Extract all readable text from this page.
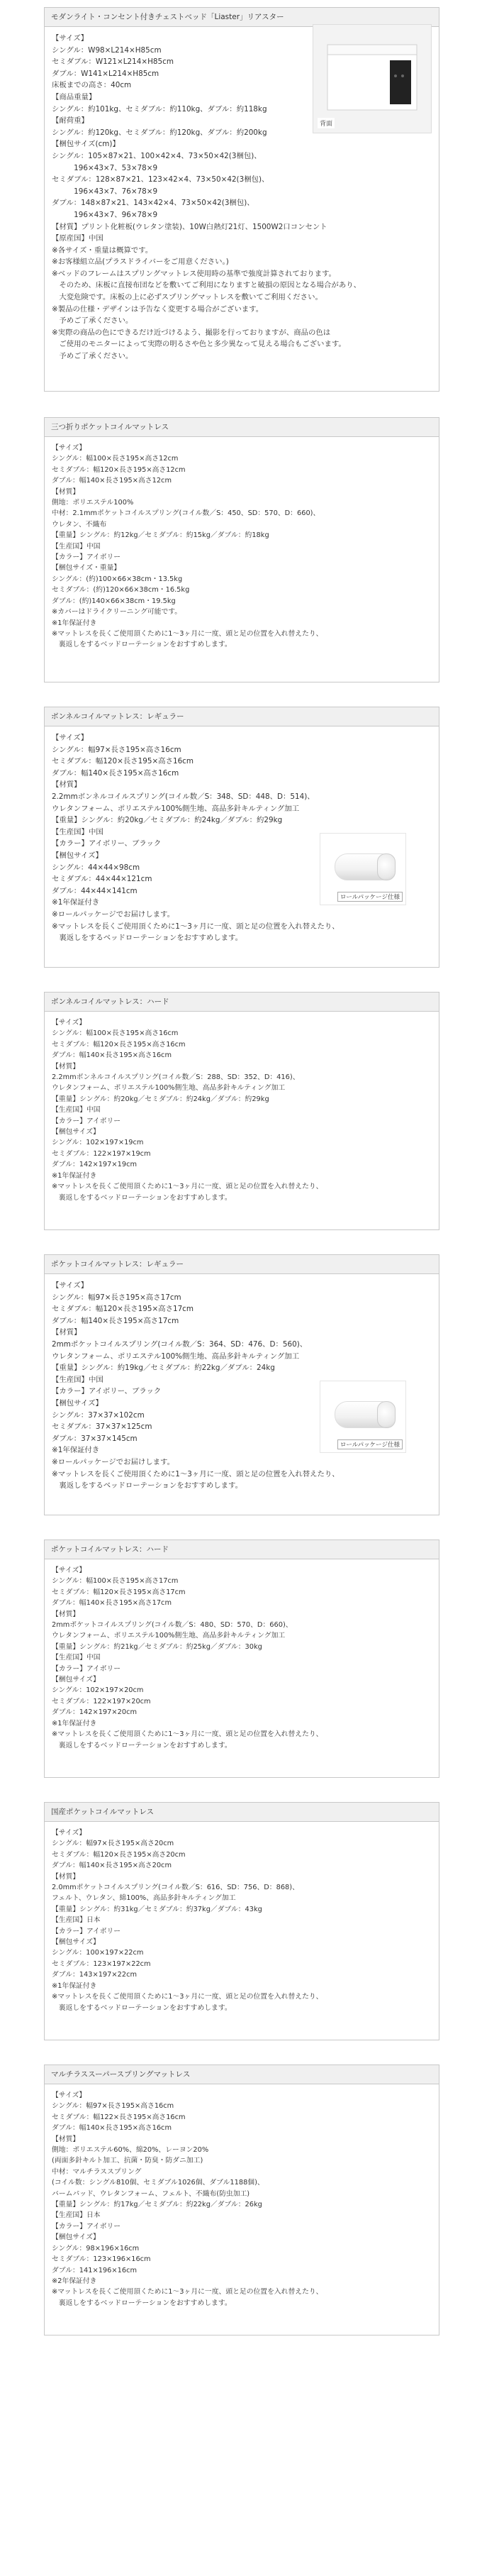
モダンライト・コンセント付きチェストベッド「Liaster」リアスター
【サイズ】
シングル：W98×L214×H85cm
セミダブル：W121×L214×H85cm
ダブル：W141×L214×H85cm
床板までの高さ：40cm
【商品重量】
シングル：約101kg、セミダブル：約110kg、ダブル：約118kg
【耐荷重】
シングル：約120kg、セミダブル：約120kg、ダブル：約200kg
【梱包サイズ(cm)】
シングル：105×87×21、100×42×4、73×50×42(3梱包)、
　　　196×43×7、53×78×9
セミダブル：128×87×21、123×42×4、73×50×42(3梱包)、
　　　196×43×7、76×78×9
ダブル：148×87×21、143×42×4、73×50×42(3梱包)、
　　　196×43×7、96×78×9
【材質】プリント化粧板(ウレタン塗装)、10W白熱灯21灯、1500W2口コンセント
【原産国】中国
※各サイズ・重量は概算です。
※お客様組立品(プラスドライバーをご用意ください。)
※ベッドのフレームはスプリングマットレス使用時の基準で強度計算されております。
　そのため、床板に直接布団などを敷いてご利用になりますと破損の原因となる場合があり、
　大変危険です。床板の上に必ずスプリングマットレスを敷いてご利用ください。
※製品の仕様・デザインは予告なく変更する場合がございます。
　予めご了承ください。
※実際の商品の色にできるだけ近づけるよう、撮影を行っておりますが、商品の色は
　ご使用のモニターによって実際の明るさや色と多少異なって見える場合もございます。
　予めご了承ください。
背面
三つ折りポケットコイルマットレス
【サイズ】
シングル：幅100×長さ195×高さ12cm
セミダブル：幅120×長さ195×高さ12cm
ダブル：幅140×長さ195×高さ12cm
【材質】
側地：ポリエステル100%
中材：2.1mmポケットコイルスプリング(コイル数／S：450、SD：570、D：660)、
ウレタン、不織布
【重量】シングル：約12kg／セミダブル：約15kg／ダブル：約18kg
【生産国】中国
【カラー】アイボリー
【梱包サイズ・重量】
シングル：(約)100×66×38cm・13.5kg
セミダブル：(約)120×66×38cm・16.5kg
ダブル：(約)140×66×38cm・19.5kg
※カバーはドライクリーニング可能です。
※1年保証付き
※マットレスを長くご使用頂くために1～3ヶ月に一度、頭と足の位置を入れ替えたり、
　裏返しをするベッドローテーションをおすすめします。
ボンネルコイルマットレス：レギュラー
【サイズ】
シングル：幅97×長さ195×高さ16cm
セミダブル：幅120×長さ195×高さ16cm
ダブル：幅140×長さ195×高さ16cm
【材質】
2.2mmボンネルコイルスプリング(コイル数／S：348、SD：448、D：514)、
ウレタンフォーム、ポリエステル100%側生地、高品多針キルティング加工
【重量】シングル：約20kg／セミダブル：約24kg／ダブル：約29kg
【生産国】中国
【カラー】アイボリー、ブラック
【梱包サイズ】
シングル：44×44×98cm
セミダブル：44×44×121cm
ダブル：44×44×141cm
※1年保証付き
※ロールパッケージでお届けします。
※マットレスを長くご使用頂くために1～3ヶ月に一度、頭と足の位置を入れ替えたり、
　裏返しをするベッドローテーションをおすすめします。
ロールパッケージ仕様
ボンネルコイルマットレス：ハード
【サイズ】
シングル：幅100×長さ195×高さ16cm
セミダブル：幅120×長さ195×高さ16cm
ダブル：幅140×長さ195×高さ16cm
【材質】
2.2mmボンネルコイルスプリング(コイル数／S：288、SD：352、D：416)、
ウレタンフォーム、ポリエステル100%側生地、高品多針キルティング加工
【重量】シングル：約20kg／セミダブル：約24kg／ダブル：約29kg
【生産国】中国
【カラー】アイボリー
【梱包サイズ】
シングル：102×197×19cm
セミダブル：122×197×19cm
ダブル：142×197×19cm
※1年保証付き
※マットレスを長くご使用頂くために1～3ヶ月に一度、頭と足の位置を入れ替えたり、
　裏返しをするベッドローテーションをおすすめします。
ポケットコイルマットレス：レギュラー
【サイズ】
シングル：幅97×長さ195×高さ17cm
セミダブル：幅120×長さ195×高さ17cm
ダブル：幅140×長さ195×高さ17cm
【材質】
2mmポケットコイルスプリング(コイル数／S：364、SD：476、D：560)、
ウレタンフォーム、ポリエステル100%側生地、高品多針キルティング加工
【重量】シングル：約19kg／セミダブル：約22kg／ダブル：24kg
【生産国】中国
【カラー】アイボリー、ブラック
【梱包サイズ】
シングル：37×37×102cm
セミダブル：37×37×125cm
ダブル：37×37×145cm
※1年保証付き
※ロールパッケージでお届けします。
※マットレスを長くご使用頂くために1～3ヶ月に一度、頭と足の位置を入れ替えたり、
　裏返しをするベッドローテーションをおすすめします。
ロールパッケージ仕様
ポケットコイルマットレス：ハード
【サイズ】
シングル：幅100×長さ195×高さ17cm
セミダブル：幅120×長さ195×高さ17cm
ダブル：幅140×長さ195×高さ17cm
【材質】
2mmポケットコイルスプリング(コイル数／S：480、SD：570、D：660)、
ウレタンフォーム、ポリエステル100%側生地、高品多針キルティング加工
【重量】シングル：約21kg／セミダブル：約25kg／ダブル：30kg
【生産国】中国
【カラー】アイボリー
【梱包サイズ】
シングル：102×197×20cm
セミダブル：122×197×20cm
ダブル：142×197×20cm
※1年保証付き
※マットレスを長くご使用頂くために1～3ヶ月に一度、頭と足の位置を入れ替えたり、
　裏返しをするベッドローテーションをおすすめします。
国産ポケットコイルマットレス
【サイズ】
シングル：幅97×長さ195×高さ20cm
セミダブル：幅120×長さ195×高さ20cm
ダブル：幅140×長さ195×高さ20cm
【材質】
2.0mmポケットコイルスプリング(コイル数／S：616、SD：756、D：868)、
フェルト、ウレタン、綿100%、高品多針キルティング加工
【重量】シングル：約31kg／セミダブル：約37kg／ダブル：43kg
【生産国】日本
【カラー】アイボリー
【梱包サイズ】
シングル：100×197×22cm
セミダブル：123×197×22cm
ダブル：143×197×22cm
※1年保証付き
※マットレスを長くご使用頂くために1～3ヶ月に一度、頭と足の位置を入れ替えたり、
　裏返しをするベッドローテーションをおすすめします。
マルチラススーパースプリングマットレス
【サイズ】
シングル：幅97×長さ195×高さ16cm
セミダブル：幅122×長さ195×高さ16cm
ダブル：幅140×長さ195×高さ16cm
【材質】
側地：ポリエステル60%、綿20%、レーヨン20%
(両面多針キルト加工、抗菌・防臭・防ダニ加工)
中材：マルチラススプリング
(コイル数：シングル810個、セミダブル1026個、ダブル1188個)、
バームパッド、ウレタンフォーム、フェルト、不織布(防虫加工)
【重量】シングル：約17kg／セミダブル：約22kg／ダブル：26kg
【生産国】日本
【カラー】アイボリー
【梱包サイズ】
シングル：98×196×16cm
セミダブル：123×196×16cm
ダブル：141×196×16cm
※2年保証付き
※マットレスを長くご使用頂くために1～3ヶ月に一度、頭と足の位置を入れ替えたり、
　裏返しをするベッドローテーションをおすすめします。
